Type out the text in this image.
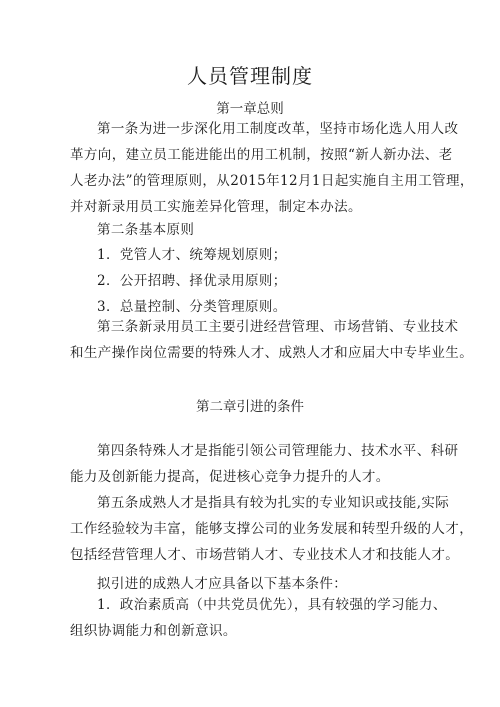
人员管理制度
第一章总则
第一条为进一步深化用工制度改革，坚持市场化选人用人改
革方向，建立员工能进能出的用工机制，按照“新人新办法、老
人老办法”的管理原则，从2015年12月1日起实施自主用工管理，
并对新录用员工实施差异化管理，制定本办法。
第二条基本原则
1．党管人才、统筹规划原则；
2．公开招聘、择优录用原则；
3．总量控制、分类管理原则。
第三条新录用员工主要引进经营管理、市场营销、专业技术
和生产操作岗位需要的特殊人才、成熟人才和应届大中专毕业生。
第二章引进的条件
第四条特殊人才是指能引领公司管理能力、技术水平、科研
能力及创新能力提高，促进核心竞争力提升的人才。
第五条成熟人才是指具有较为扎实的专业知识或技能,实际
工作经验较为丰富，能够支撑公司的业务发展和转型升级的人才，
包括经营管理人才、市场营销人才、专业技术人才和技能人才。
拟引进的成熟人才应具备以下基本条件：
1．政治素质高（中共党员优先），具有较强的学习能力、
组织协调能力和创新意识。
